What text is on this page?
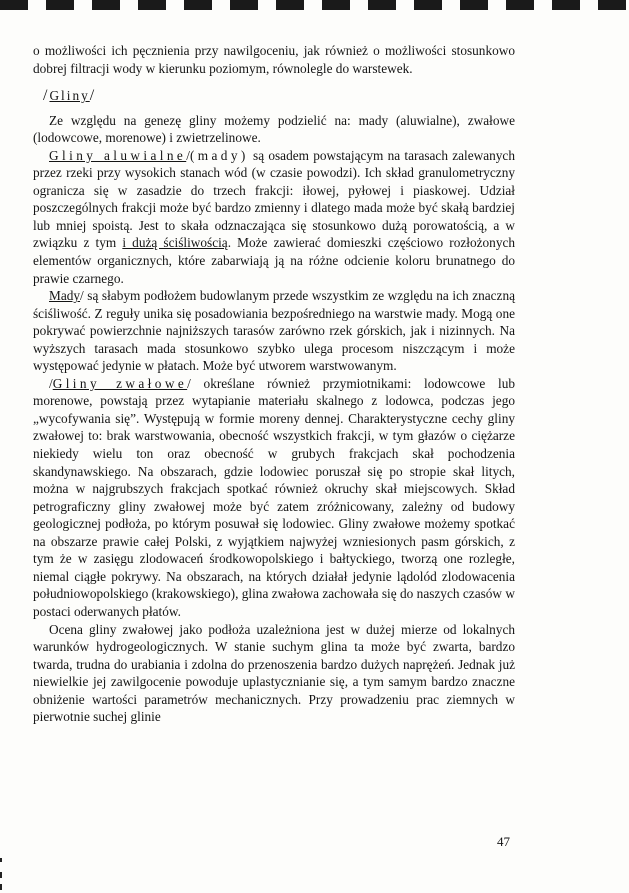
o możliwości ich pęcznienia przy nawilgoceniu, jak również o możliwości stosunkowo dobrej filtracji wody w kierunku poziomym, równolegle do warstewek.

/Gliny/

Ze względu na genezę gliny możemy podzielić na: mady (aluwialne), zwałowe (lodowcowe, morenowe) i zwietrzelinowe.

Gliny aluwialne/(mady) są osadem powstającym na tarasach zalewanych przez rzeki przy wysokich stanach wód (w czasie powodzi). Ich skład granulometryczny ogranicza się w zasadzie do trzech frakcji: iłowej, pyłowej i piaskowej. Udział poszczególnych frakcji może być bardzo zmienny i dlatego mada może być skałą bardziej lub mniej spoistą. Jest to skała odznaczająca się stosunkowo dużą porowatością, a w związku z tym i dużą ściśliwością. Może zawierać domieszki częściowo rozłożonych elementów organicznych, które zabarwiają ją na różne odcienie koloru brunatnego do prawie czarnego.

Mady/ są słabym podłożem budowlanym przede wszystkim ze względu na ich znaczną ściśliwość. Z reguły unika się posadowiania bezpośredniego na warstwie mady. Mogą one pokrywać powierzchnie najniższych tarasów zarówno rzek górskich, jak i nizinnych. Na wyższych tarasach mada stosunkowo szybko ulega procesom niszczącym i może występować jedynie w płatach. Może być utworem warstwowanym.

/Gliny zwałowe/ określane również przymiotnikami: lodowcowe lub morenowe, powstają przez wytapianie materiału skalnego z lodowca, podczas jego „wycofywania się”. Występują w formie moreny dennej. Charakterystyczne cechy gliny zwałowej to: brak warstwowania, obecność wszystkich frakcji, w tym głazów o ciężarze niekiedy wielu ton oraz obecność w grubych frakcjach skał pochodzenia skandynawskiego. Na obszarach, gdzie lodowiec poruszał się po stropie skał litych, można w najgrubszych frakcjach spotkać również okruchy skał miejscowych. Skład petrograficzny gliny zwałowej może być zatem zróżnicowany, zależny od budowy geologicznej podłoża, po którym posuwał się lodowiec. Gliny zwałowe możemy spotkać na obszarze prawie całej Polski, z wyjątkiem najwyżej wzniesionych pasm górskich, z tym że w zasięgu zlodowaceń środkowopolskiego i bałtyckiego, tworzą one rozległe, niemal ciągłe pokrywy. Na obszarach, na których działał jedynie lądolód zlodowacenia południowopolskiego (krakowskiego), glina zwałowa zachowała się do naszych czasów w postaci oderwanych płatów.

Ocena gliny zwałowej jako podłoża uzależniona jest w dużej mierze od lokalnych warunków hydrogeologicznych. W stanie suchym glina ta może być zwarta, bardzo twarda, trudna do urabiania i zdolna do przenoszenia bardzo dużych naprężeń. Jednak już niewielkie jej zawilgocenie powoduje uplastycznianie się, a tym samym bardzo znaczne obniżenie wartości parametrów mechanicznych. Przy prowadzeniu prac ziemnych w pierwotnie suchej glinie

47
